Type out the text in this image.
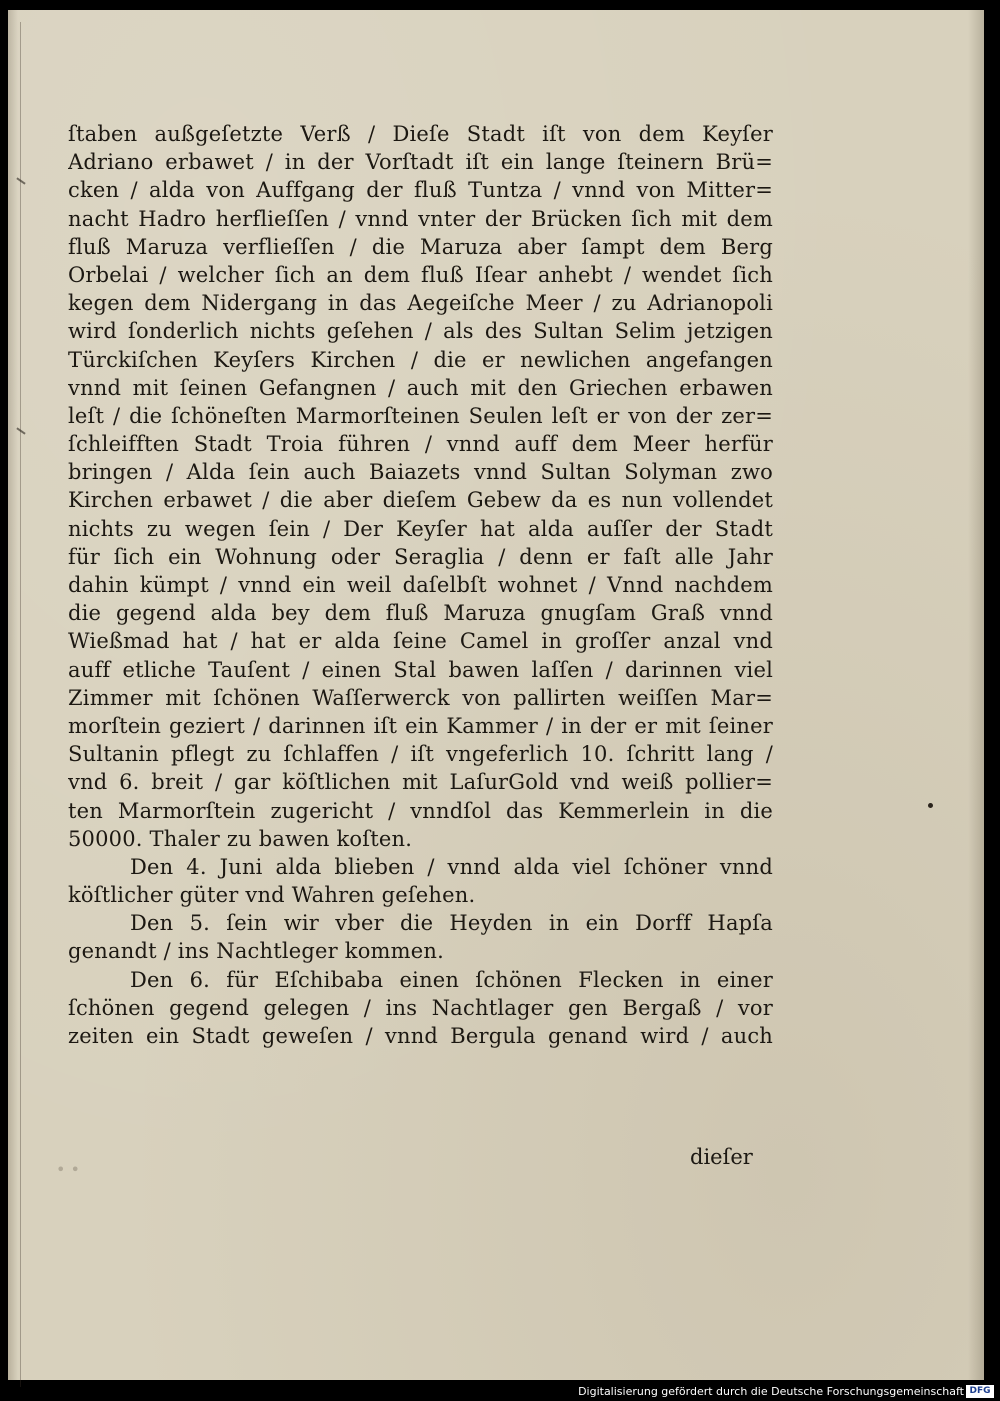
ſtaben außgeſetzte Verß / Dieſe Stadt iſt von dem Keyſer
Adriano erbawet / in der Vorſtadt iſt ein lange ſteinern Brü=
cken / alda von Auffgang der fluß Tuntza / vnnd von Mitter=
nacht Hadro herflieſſen / vnnd vnter der Brücken ſich mit dem
fluß Maruza verflieſſen / die Maruza aber ſampt dem Berg
Orbelai / welcher ſich an dem fluß Iſear anhebt / wendet ſich
kegen dem Nidergang in das Aegeiſche Meer / zu Adrianopoli
wird ſonderlich nichts geſehen / als des Sultan Selim jetzigen
Türckiſchen Keyſers Kirchen / die er newlichen angefangen
vnnd mit ſeinen Gefangnen / auch mit den Griechen erbawen
leſt / die ſchöneſten Marmorſteinen Seulen leſt er von der zer=
ſchleifften Stadt Troia führen / vnnd auff dem Meer herfür
bringen / Alda ſein auch Baiazets vnnd Sultan Solyman zwo
Kirchen erbawet / die aber dieſem Gebew da es nun vollendet
nichts zu wegen ſein / Der Keyſer hat alda auſſer der Stadt
für ſich ein Wohnung oder Seraglia / denn er faſt alle Jahr
dahin kümpt / vnnd ein weil daſelbſt wohnet / Vnnd nachdem
die gegend alda bey dem fluß Maruza gnugſam Graß vnnd
Wießmad hat / hat er alda ſeine Camel in groſſer anzal vnd
auff etliche Tauſent / einen Stal bawen laſſen / darinnen viel
Zimmer mit ſchönen Waſſerwerck von pallirten weiſſen Mar=
morſtein geziert / darinnen iſt ein Kammer / in der er mit ſeiner
Sultanin pflegt zu ſchlaffen / iſt vngeferlich 10. ſchritt lang /
vnd 6. breit / gar köſtlichen mit LaſurGold vnd weiß pollier=
ten Marmorſtein zugericht / vnndſol das Kemmerlein in die
50000. Thaler zu bawen koſten.
Den 4. Juni alda blieben / vnnd alda viel ſchöner vnnd
köſtlicher güter vnd Wahren geſehen.
Den 5. ſein wir vber die Heyden in ein Dorff Hapſa
genandt / ins Nachtleger kommen.
Den 6. für Eſchibaba einen ſchönen Flecken in einer
ſchönen gegend gelegen / ins Nachtlager gen Bergaß / vor
zeiten ein Stadt geweſen / vnnd Bergula genand wird / auch
dieſer
• •
Digitalisierung gefördert durch die Deutsche Forschungsgemeinschaft DFG
